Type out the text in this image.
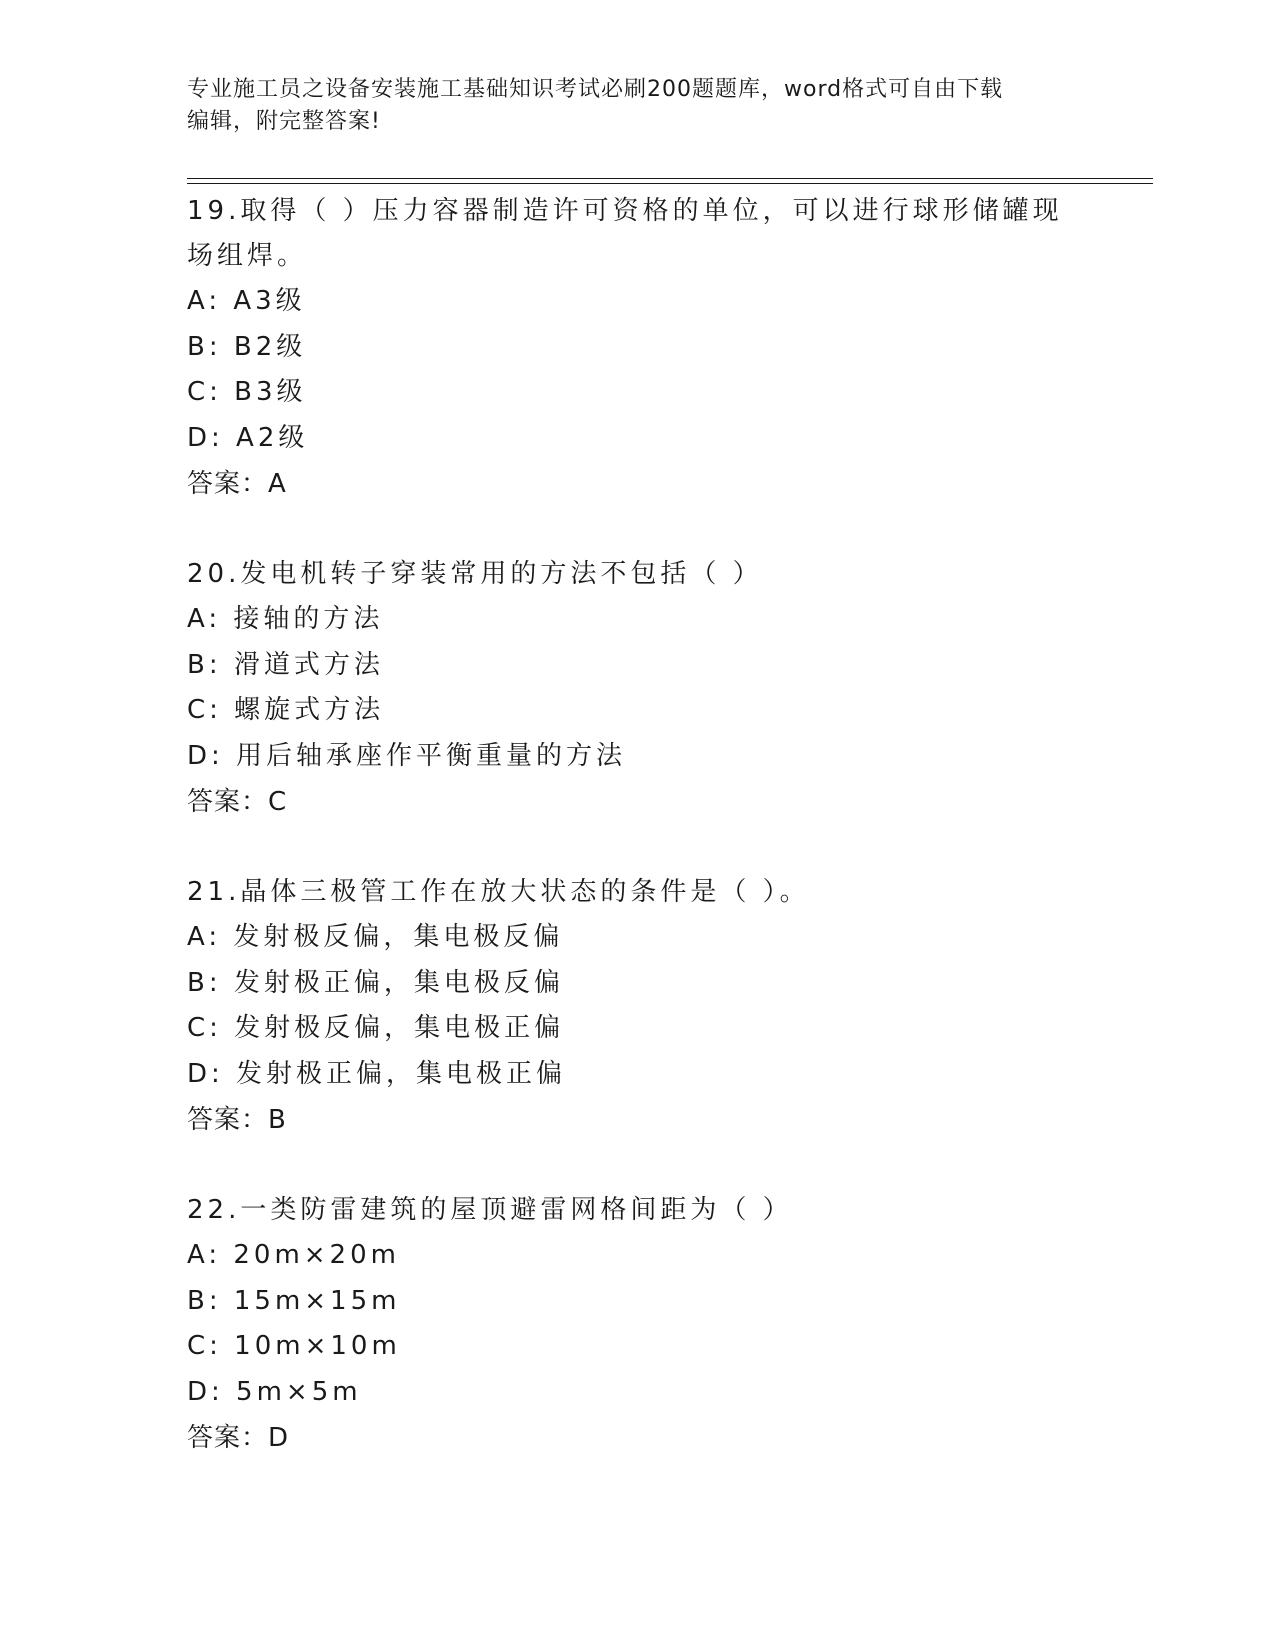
专业施工员之设备安装施工基础知识考试必刷200题题库，word格式可自由下载
编辑，附完整答案!

19.取得（ ）压力容器制造许可资格的单位，可以进行球形储罐现场组焊。

A: A3级
B: B2级
C: B3级
D: A2级

答案：A

20.发电机转子穿装常用的方法不包括（ ）

A: 接轴的方法
B: 滑道式方法
C: 螺旋式方法
D: 用后轴承座作平衡重量的方法

答案：C

21.晶体三极管工作在放大状态的条件是（ ）。

A: 发射极反偏，集电极反偏
B: 发射极正偏，集电极反偏
C: 发射极反偏，集电极正偏
D: 发射极正偏，集电极正偏

答案：B

22.一类防雷建筑的屋顶避雷网格间距为（ ）

A: 20m×20m
B: 15m×15m
C: 10m×10m
D: 5m×5m

答案：D
